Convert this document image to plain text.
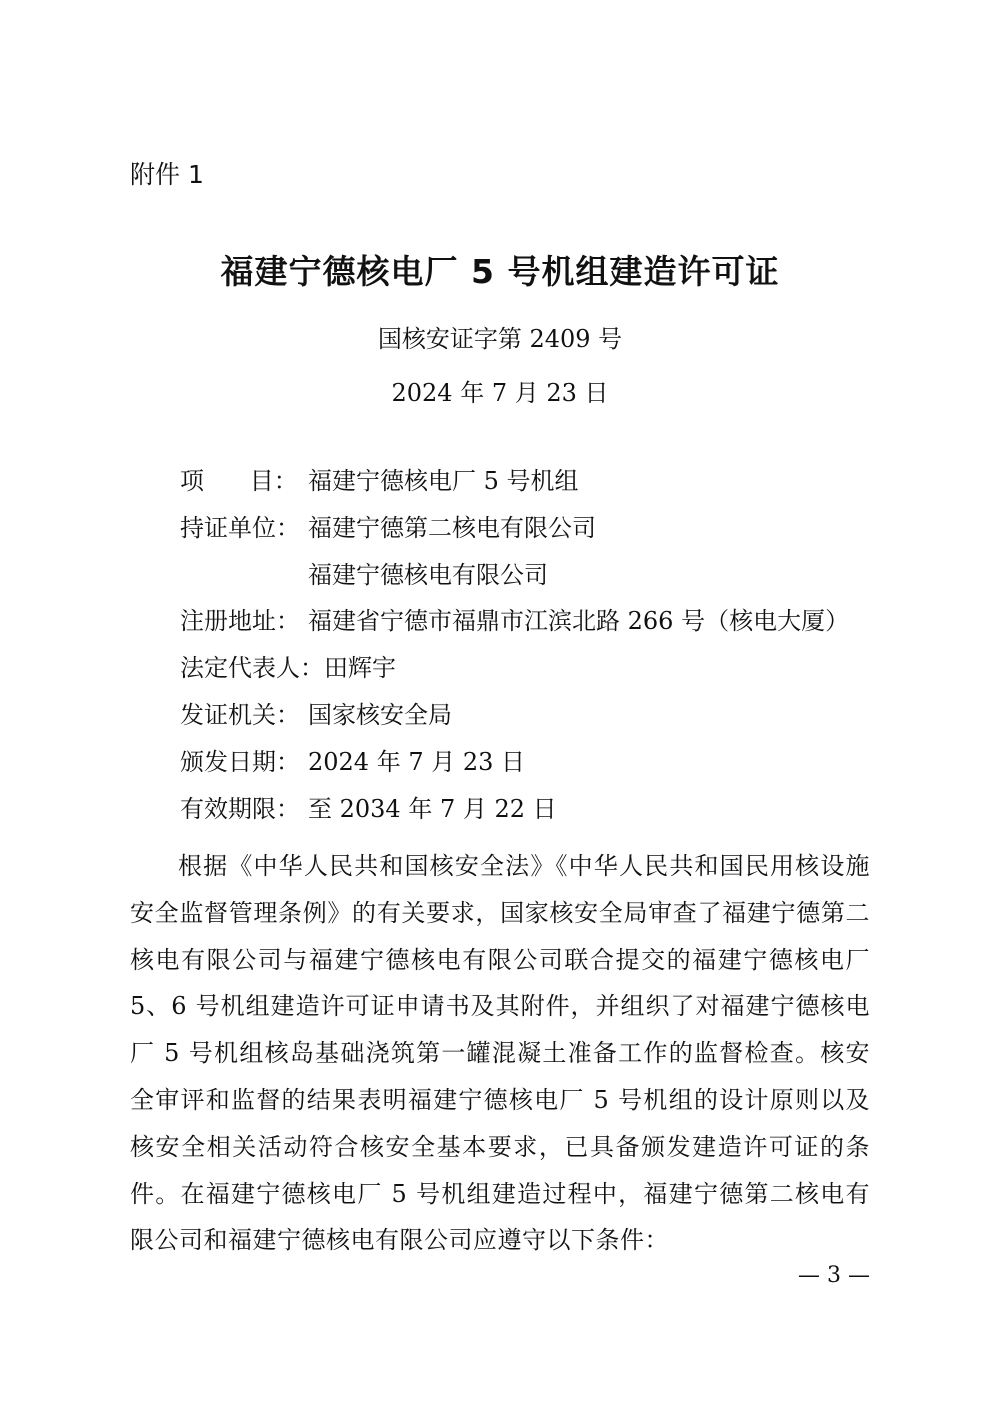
附件 1
福建宁德核电厂 5 号机组建造许可证
国核安证字第 2409 号
2024 年 7 月 23 日
项      目： 福建宁德核电厂 5 号机组
持证单位： 福建宁德第二核电有限公司
福建宁德核电有限公司
注册地址： 福建省宁德市福鼎市江滨北路 266 号（核电大厦）
法定代表人：田辉宇
发证机关： 国家核安全局
颁发日期： 2024 年 7 月 23 日
有效期限： 至 2034 年 7 月 22 日
根据《中华人民共和国核安全法》《中华人民共和国民用核设施安全监督管理条例》的有关要求，国家核安全局审查了福建宁德第二核电有限公司与福建宁德核电有限公司联合提交的福建宁德核电厂 5、6 号机组建造许可证申请书及其附件，并组织了对福建宁德核电厂 5 号机组核岛基础浇筑第一罐混凝土准备工作的监督检查。核安全审评和监督的结果表明福建宁德核电厂 5 号机组的设计原则以及核安全相关活动符合核安全基本要求，已具备颁发建造许可证的条件。在福建宁德核电厂 5 号机组建造过程中，福建宁德第二核电有限公司和福建宁德核电有限公司应遵守以下条件：
— 3 —
